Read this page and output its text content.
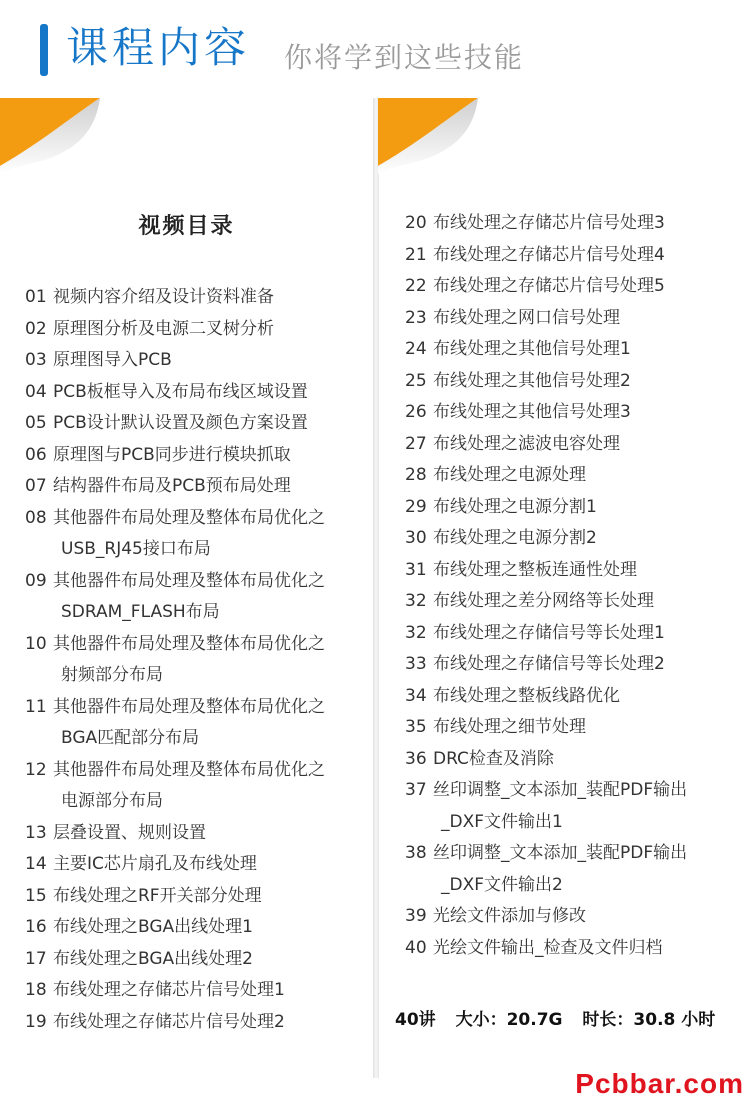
课程内容 你将学到这些技能
视频目录
01 视频内容介绍及设计资料准备
02 原理图分析及电源二叉树分析
03 原理图导入PCB
04 PCB板框导入及布局布线区域设置
05 PCB设计默认设置及颜色方案设置
06 原理图与PCB同步进行模块抓取
07 结构器件布局及PCB预布局处理
08 其他器件布局处理及整体布局优化之
USB_RJ45接口布局
09 其他器件布局处理及整体布局优化之
SDRAM_FLASH布局
10 其他器件布局处理及整体布局优化之
射频部分布局
11 其他器件布局处理及整体布局优化之
BGA匹配部分布局
12 其他器件布局处理及整体布局优化之
电源部分布局
13 层叠设置、规则设置
14 主要IC芯片扇孔及布线处理
15 布线处理之RF开关部分处理
16 布线处理之BGA出线处理1
17 布线处理之BGA出线处理2
18 布线处理之存储芯片信号处理1
19 布线处理之存储芯片信号处理2
20 布线处理之存储芯片信号处理3
21 布线处理之存储芯片信号处理4
22 布线处理之存储芯片信号处理5
23 布线处理之网口信号处理
24 布线处理之其他信号处理1
25 布线处理之其他信号处理2
26 布线处理之其他信号处理3
27 布线处理之滤波电容处理
28 布线处理之电源处理
29 布线处理之电源分割1
30 布线处理之电源分割2
31 布线处理之整板连通性处理
32 布线处理之差分网络等长处理
32 布线处理之存储信号等长处理1
33 布线处理之存储信号等长处理2
34 布线处理之整板线路优化
35 布线处理之细节处理
36 DRC检查及消除
37 丝印调整_文本添加_装配PDF输出
_DXF文件输出1
38 丝印调整_文本添加_装配PDF输出
_DXF文件输出2
39 光绘文件添加与修改
40 光绘文件输出_检查及文件归档
40讲 大小：20.7G 时长：30.8 小时
Pcbbar.com
